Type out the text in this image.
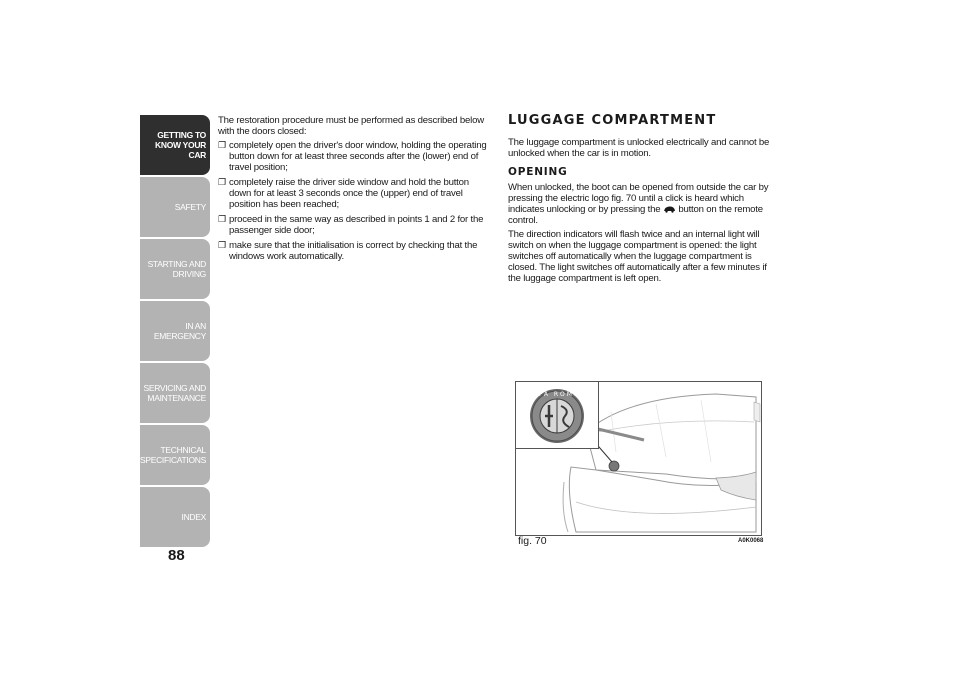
GETTING TO
KNOW YOUR CAR
SAFETY
STARTING AND
DRIVING
IN AN EMERGENCY
SERVICING AND
MAINTENANCE
TECHNICAL
SPECIFICATIONS
INDEX
88

The restoration procedure must be performed as described below with the doors closed:

❐ completely open the driver's door window, holding the operating button down for at least three seconds after the (lower) end of travel position;
❐ completely raise the driver side window and hold the button down for at least 3 seconds once the (upper) end of travel position has been reached;
❐ proceed in the same way as described in points 1 and 2 for the passenger side door;
❐ make sure that the initialisation is correct by checking that the windows work automatically.
LUGGAGE COMPARTMENT

The luggage compartment is unlocked electrically and cannot be unlocked when the car is in motion.

OPENING

When unlocked, the boot can be opened from outside the car by pressing the electric logo fig. 70 until a click is heard which indicates unlocking or by pressing the  button on the remote control.

The direction indicators will flash twice and an internal light will switch on when the luggage compartment is opened: the light switches off automatically when the luggage compartment is closed. The light switches off automatically after a few minutes if the luggage compartment is left open.

ALFA ROMEO
fig. 70	A0K0068
